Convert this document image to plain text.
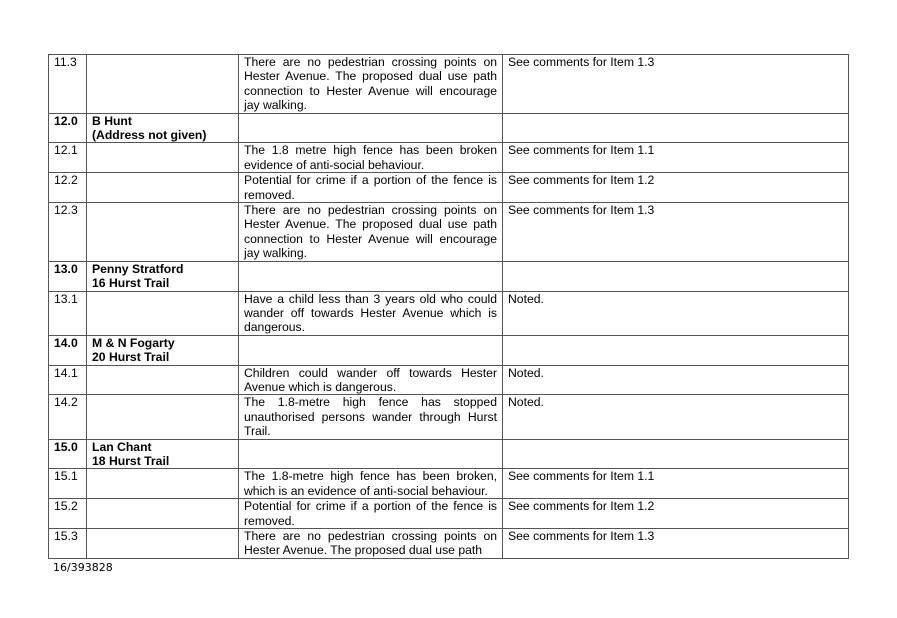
11.3		There are no pedestrian crossing points on Hester Avenue. The proposed dual use path connection to Hester Avenue will encourage jay walking.	See comments for Item 1.3
12.0	B Hunt
(Address not given)		

12.1		The 1.8 metre high fence has been broken evidence of anti-social behaviour.	See comments for Item 1.1
12.2		Potential for crime if a portion of the fence is removed.	See comments for Item 1.2
12.3		There are no pedestrian crossing points on Hester Avenue. The proposed dual use path connection to Hester Avenue will encourage jay walking.	See comments for Item 1.3
13.0	Penny Stratford
16 Hurst Trail		

13.1		Have a child less than 3 years old who could wander off towards Hester Avenue which is dangerous.	Noted.
14.0	M & N Fogarty
20 Hurst Trail		

14.1		Children could wander off towards Hester Avenue which is dangerous.	Noted.
14.2		The 1.8-metre high fence has stopped unauthorised persons wander through Hurst Trail.	Noted.
15.0	Lan Chant
18 Hurst Trail		

15.1		The 1.8-metre high fence has been broken, which is an evidence of anti-social behaviour.	See comments for Item 1.1
15.2		Potential for crime if a portion of the fence is removed.	See comments for Item 1.2
15.3		There are no pedestrian crossing points on Hester Avenue. The proposed dual use path	See comments for Item 1.3
16/393828
